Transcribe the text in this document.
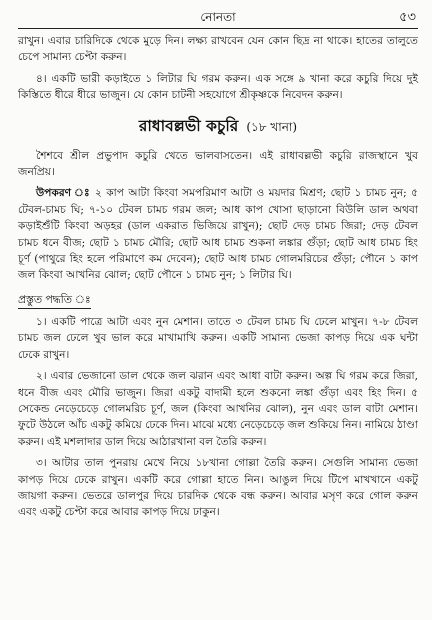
নোনতা	৫৩

রাখুন। এবার চারিদিকে থেকে মুড়ে দিন। লক্ষ্য রাখবেন যেন কোন ছিদ্র না থাকে। হাতের তালুতে চেপে সামান্য চেপ্টা করুন।

৪। একটি ভারী কড়াইতে ১ লিটার ঘি গরম করুন। এক সঙ্গে ৯ খানা করে কচুরি দিয়ে দুই কিস্তিতে ধীরে ধীরে ভাজুন। যে কোন চাটনী সহযোগে শ্রীকৃষ্ণকে নিবেদন করুন।

রাধাবল্লভী কচুরি (১৮ খানা)

শৈশবে শ্রীল প্রভুপাদ কচুরি খেতে ভালবাসতেন। এই রাধাবল্লভী কচুরি রাজস্থানে খুব জনপ্রিয়।

উপকরণ ঃ ২ কাপ আটা কিংবা সমপরিমাণ আটা ও ময়দার মিশ্রণ; ছোট ১ চামচ নুন; ৫ টেবল-চামচ ঘি; ৭-১০ টেবল চামচ গরম জল; আধ কাপ খোসা ছাড়ানো বিউলি ডাল অথবা কড়াইশুঁটি কিংবা অড়হর (ডাল একরাত ভিজিয়ে রাখুন); ছোট দেড় চামচ জিরা; দেড় টেবল চামচ ধনে বীজ; ছোট ১ চামচ মৌরি; ছোট আধ চামচ শুকনা লঙ্কার গুঁড়া; ছোট আধ চামচ হিং চূর্ণ (পাথুরে হিং হলে পরিমাণে কম দেবেন); ছোট আধ চামচ গোলমরিচের গুঁড়া; পৌনে ১ কাপ জল কিংবা আখনির ঝোল; ছোট পৌনে ১ চামচ নুন; ১ লিটার ঘি।

প্রস্তুত পদ্ধতি ঃ

১। একটি পাত্রে আটা এবং নুন মেশান। তাতে ৩ টেবল চামচ ঘি ঢেলে মাখুন। ৭-৮ টেবল চামচ জল ঢেলে খুব ভাল করে মাখামাখি করুন। একটি সামান্য ভেজা কাপড় দিয়ে এক ঘন্টা ঢেকে রাখুন।

২। এবার ভেজানো ডাল থেকে জল ঝরান এবং আধা বাটা করুন। অল্প ঘি গরম করে জিরা, ধনে বীজ এবং মৌরি ভাজুন। জিরা একটু বাদামী হলে শুকনো লঙ্কা গুঁড়া এবং হিং দিন। ৫ সেকেন্ড নেড়েচেড়ে গোলমরিচ চূর্ণ, জল (কিংবা আখনির ঝোল), নুন এবং ডাল বাটা মেশান। ফুটে উঠলে আঁচ একটু কমিয়ে ঢেকে দিন। মাঝে মধ্যে নেড়েচেড়ে জল শুকিয়ে নিন। নামিয়ে ঠাণ্ডা করুন। এই মশলাদার ডাল দিয়ে আঠারখানা বল তৈরি করুন।

৩। আটার তাল পুনরায় মেখে নিয়ে ১৮খানা গোল্লা তৈরি করুন। সেগুলি সামান্য ভেজা কাপড় দিয়ে ঢেকে রাখুন। একটি করে গোল্লা হাতে নিন। আঙুল দিয়ে টিপে মাখখানে একটু জায়গা করুন। ভেতরে ডালপুর দিয়ে চারদিক থেকে বন্ধ করুন। আবার মসৃণ করে গোল করুন এবং একটু চেপ্টা করে আবার কাপড় দিয়ে ঢাকুন।
